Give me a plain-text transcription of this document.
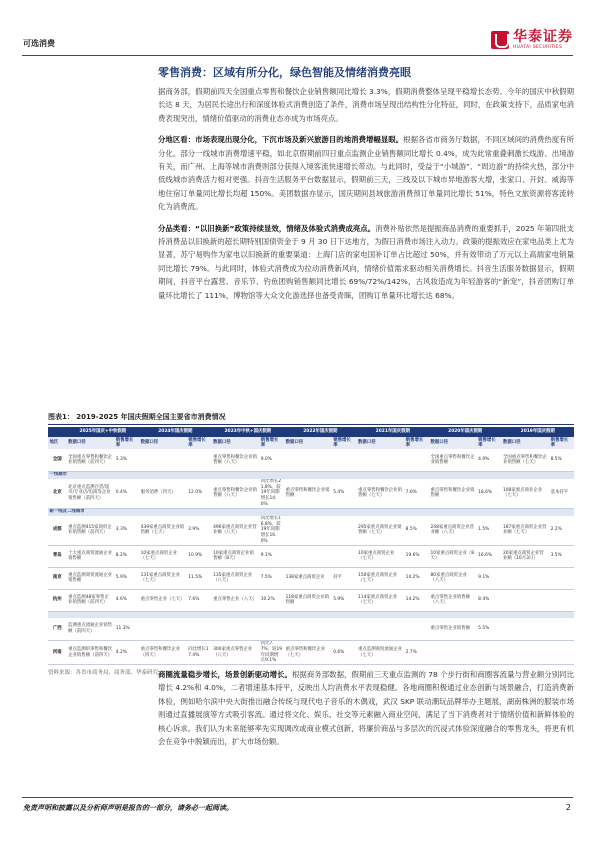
可选消费	华泰证券
HUATAI SECURITIES
零售消费：区域有所分化，绿色智能及情绪消费亮眼
据商务部，假期前四天全国重点零售和餐饮企业销售额同比增长 3.3%，假期消费整体呈现平稳增长态势。今年的国庆中秋假期长达 8 天，为居民长途出行和深度体验式消费创造了条件，消费市场呈现出结构性分化特征，同时，在政策支持下，品质家电消费表现突出，情绪价值驱动的消费业态亦成为市场亮点。
分地区看：市场表现出现分化，下沉市场及新兴旅游目的地消费增幅显眼。根据各省市商务厅数据，不同区域间的消费热度有所分化。部分一线城市消费增速平稳，如北京假期前四日重点监测企业销售额同比增长 0.4%，成为此常重叠刺激长线游、出境游有关，而广州、上海等城市消费则部分获得入境客流快速增长带动。与此同时，受益于“小城游”、“周边游”的持续火热，部分中低线城市消费活力相对更强。抖音生活服务平台数据显示，假期前三天，三线及以下城市异地游客大增，张家口、开封、威海等地住宿订单量同比增长均超 150%。美团数据亦显示，国庆期间县域旅游消费预订单量同比增长 51%，特色文旅资源将客流转化为消费流。
分品类看：“以旧换新”政策持续显效，情绪及体验式消费成亮点。消费补贴依然是提振商品消费的重要抓手，2025 年第四批支持消费品以旧换新的超长期特别国债资金于 9 月 30 日下达地方，为假日消费市场注入动力。政策的提振效应在家电品类上尤为显著，苏宁易购作为家电以旧换新的重要渠道：上海门店的家电国补订单占比超过 50%，并有效带动了万元以上高端家电销量同比增长 79%。与此同时，体验式消费成为拉动消费新风向，情绪价值需求驱动相关消费增长。抖音生活服务数据显示，假期期间，抖音平台露营、音乐节、钓鱼团购销售额同比增长 69%/72%/142%，古风妆造成为年轻游客的“新宠”，抖音团购订单量环比增长了 111%，博物馆等大众文化游选择也备受青睐，团购订单量环比增长达 68%。
图表1： 2019-2025 年国庆假期全国主要省市消费情况
	2025年国庆+中秋假期		2024年国庆假期		2023年中秋+国庆假期		2022年国庆假期		2021年国庆假期		2020年国庆假期		2019年国庆假期	
地区	数据口径	销售增长率	数据口径	销售增长率	数据口径	销售增长率	数据口径	销售增长率	数据口径	销售增长率	数据口径	销售增长率	数据口径	销售增长率
全国	全国重点零售和餐饮企业销售额（前四天）	3.3%			重点零售和餐饮企业销售额（八天）	9.0%					全国重点零售和餐饮企业销售额	4.9%	全国重点零售和餐饮企业销售额（七天）	8.5%
一线城市														
北京	北京重点监测百货/超市/专业店/电商等企业销售额（前四天）	0.4%	服务消费（四天）	12.0%	重点零售和餐饮企业销售额（八天）	同比增长21.8%，较19年同期增长14.0%	重点零售和餐饮企业销售额	5.4%	重点零售和餐饮企业销售额（七天）	7.6%	重点零售和餐饮企业销售额	18.6%	108家重点商业企业（七天）	基本持平
新一线及二线城市														
成都	重点监测415家商贸企业销售额（前四天）	3.3%	439家重点商贸企业销售额（七天）	2.9%	496家重点商贸企业营业额（八天）	同比增长16.8%，较19年同期增长16.0%			295家重点商贸企业销售额（七天）	8.5%	248家重点商贸企业营业额（八天）	1.5%	187家重点商贸企业营业额（七天）	2.2%
青岛	十大重点商贸流通企业销售额	8.2%	10家重点商贸企业（七天）	10.9%	10家重点商贸企业销售额（8天）	9.1%			10家重点商贸企业（七天）	19.6%	10家重点商贸企业（8天）	16.6%	20家重点商贸企业营业额（10月3日）	3.5%
南京	重点监测商贸流通企业销售额	5.9%	131家重点商贸企业（七天）	11.5%	135家重点商贸企业（八天）	7.5%	138家重点商贸企业	持平	150家重点商贸企业（七天）	14.2%	80家重点商贸企业（八天）	9.1%		
杭州	重点监测48家零售企业销售额（前四天）	4.6%	重点零售企业（七天）	7.6%	重点零售企业（八天）	10.2%	118家重点商贸企业销售额	5.9%	114家重点商贸企业（七天）	14.2%	重点零售企业销售额（八天）	8.4%		

广西	监测重点流通企业销售额（前四天）	11.3%									重点零售企业销售额	5.5%		
河南	重点监测的零售和餐饮企业销售额（前四天）	4.2%	重点零售和餐饮企业（四天）	同比增长17.4%	300家重点零售企业（八天）	同比7.7%，较19年同期增长9.1%	重点零售和餐饮企业（七天）	0.6%	重点监测商贸流通企业（七天）	2.7%				
资料来源：各省市商务局、商务部、华泰研究 商圈流量稳步增长，场景创新驱动增长。根据商务部数据，假期前三天重点监测的 78 个步行街和商圈客流量与营业额分别同比增长 4.2%和 4.0%，二者增速基本持平，反映出人均消费水平表现稳健。各地商圈积极通过业态创新与场景融合，打造消费新体验，例如哈尔滨中央大街推出融合传统与现代电子音乐的木偶戏，武汉 SKP 联动潮玩品牌举办主题展，湖南株洲的服装市场则通过直播展演等方式吸引客流。通过将文化、娱乐、社交等元素融入商业空间，满足了当下消费者对于情绪价值和新鲜体验的核心诉求。我们认为未来能够率先实现调改或商业模式创新，将廉价商品与多层次的沉浸式体验深度融合的零售龙头，将更有机会在竞争中脱颖而出，扩大市场份额。
免责声明和披露以及分析师声明是报告的一部分，请务必一起阅读。	2
